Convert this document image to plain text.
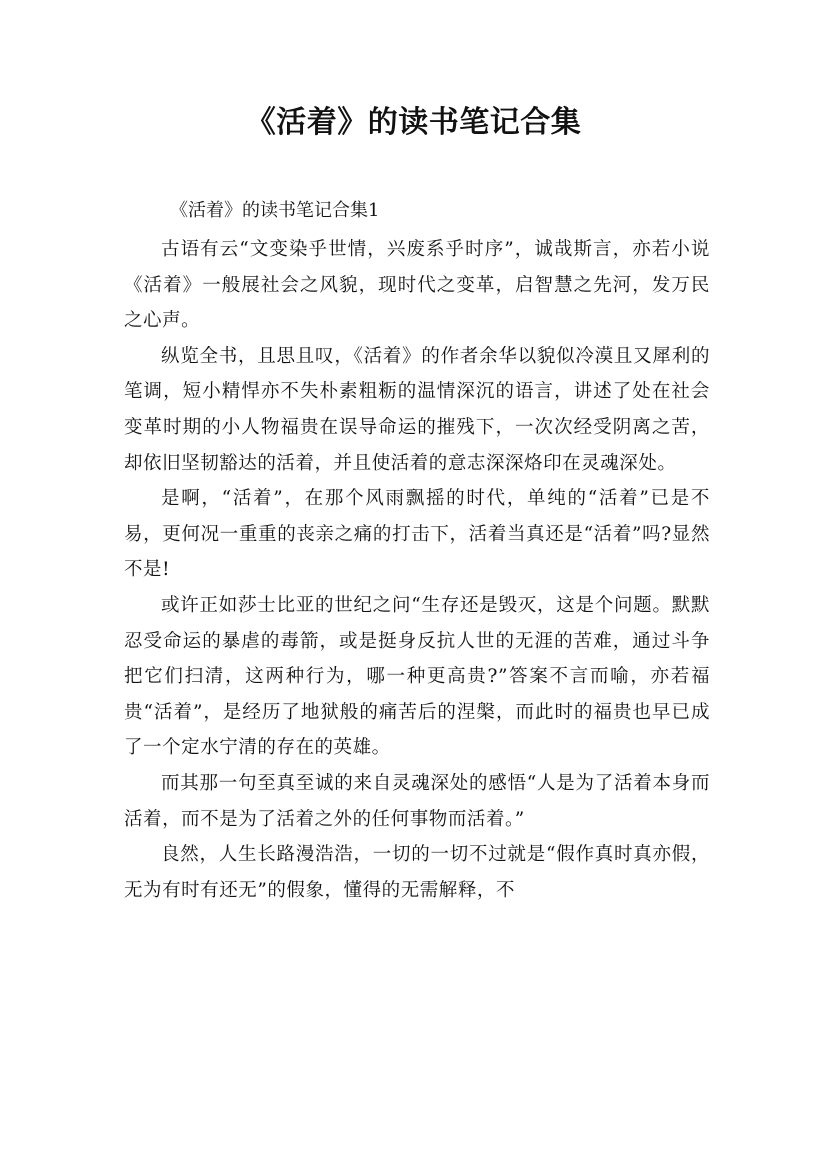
《活着》的读书笔记合集

《活着》的读书笔记合集1

古语有云“文变染乎世情，兴废系乎时序”，诚哉斯言，亦若小说《活着》一般展社会之风貌，现时代之变革，启智慧之先河，发万民之心声。

纵览全书，且思且叹，《活着》的作者余华以貌似冷漠且又犀利的笔调，短小精悍亦不失朴素粗粝的温情深沉的语言，讲述了处在社会变革时期的小人物福贵在误导命运的摧残下，一次次经受阴离之苦，却依旧坚韧豁达的活着，并且使活着的意志深深烙印在灵魂深处。

是啊，“活着”，在那个风雨飘摇的时代，单纯的“活着”已是不易，更何况一重重的丧亲之痛的打击下，活着当真还是“活着”吗?显然不是!

或许正如莎士比亚的世纪之问“生存还是毁灭，这是个问题。默默忍受命运的暴虐的毒箭，或是挺身反抗人世的无涯的苦难，通过斗争把它们扫清，这两种行为，哪一种更高贵?”答案不言而喻，亦若福贵“活着”，是经历了地狱般的痛苦后的涅槃，而此时的福贵也早已成了一个定水宁清的存在的英雄。

而其那一句至真至诚的来自灵魂深处的感悟“人是为了活着本身而活着，而不是为了活着之外的任何事物而活着。”

良然，人生长路漫浩浩，一切的一切不过就是“假作真时真亦假，无为有时有还无”的假象，懂得的无需解释，不
